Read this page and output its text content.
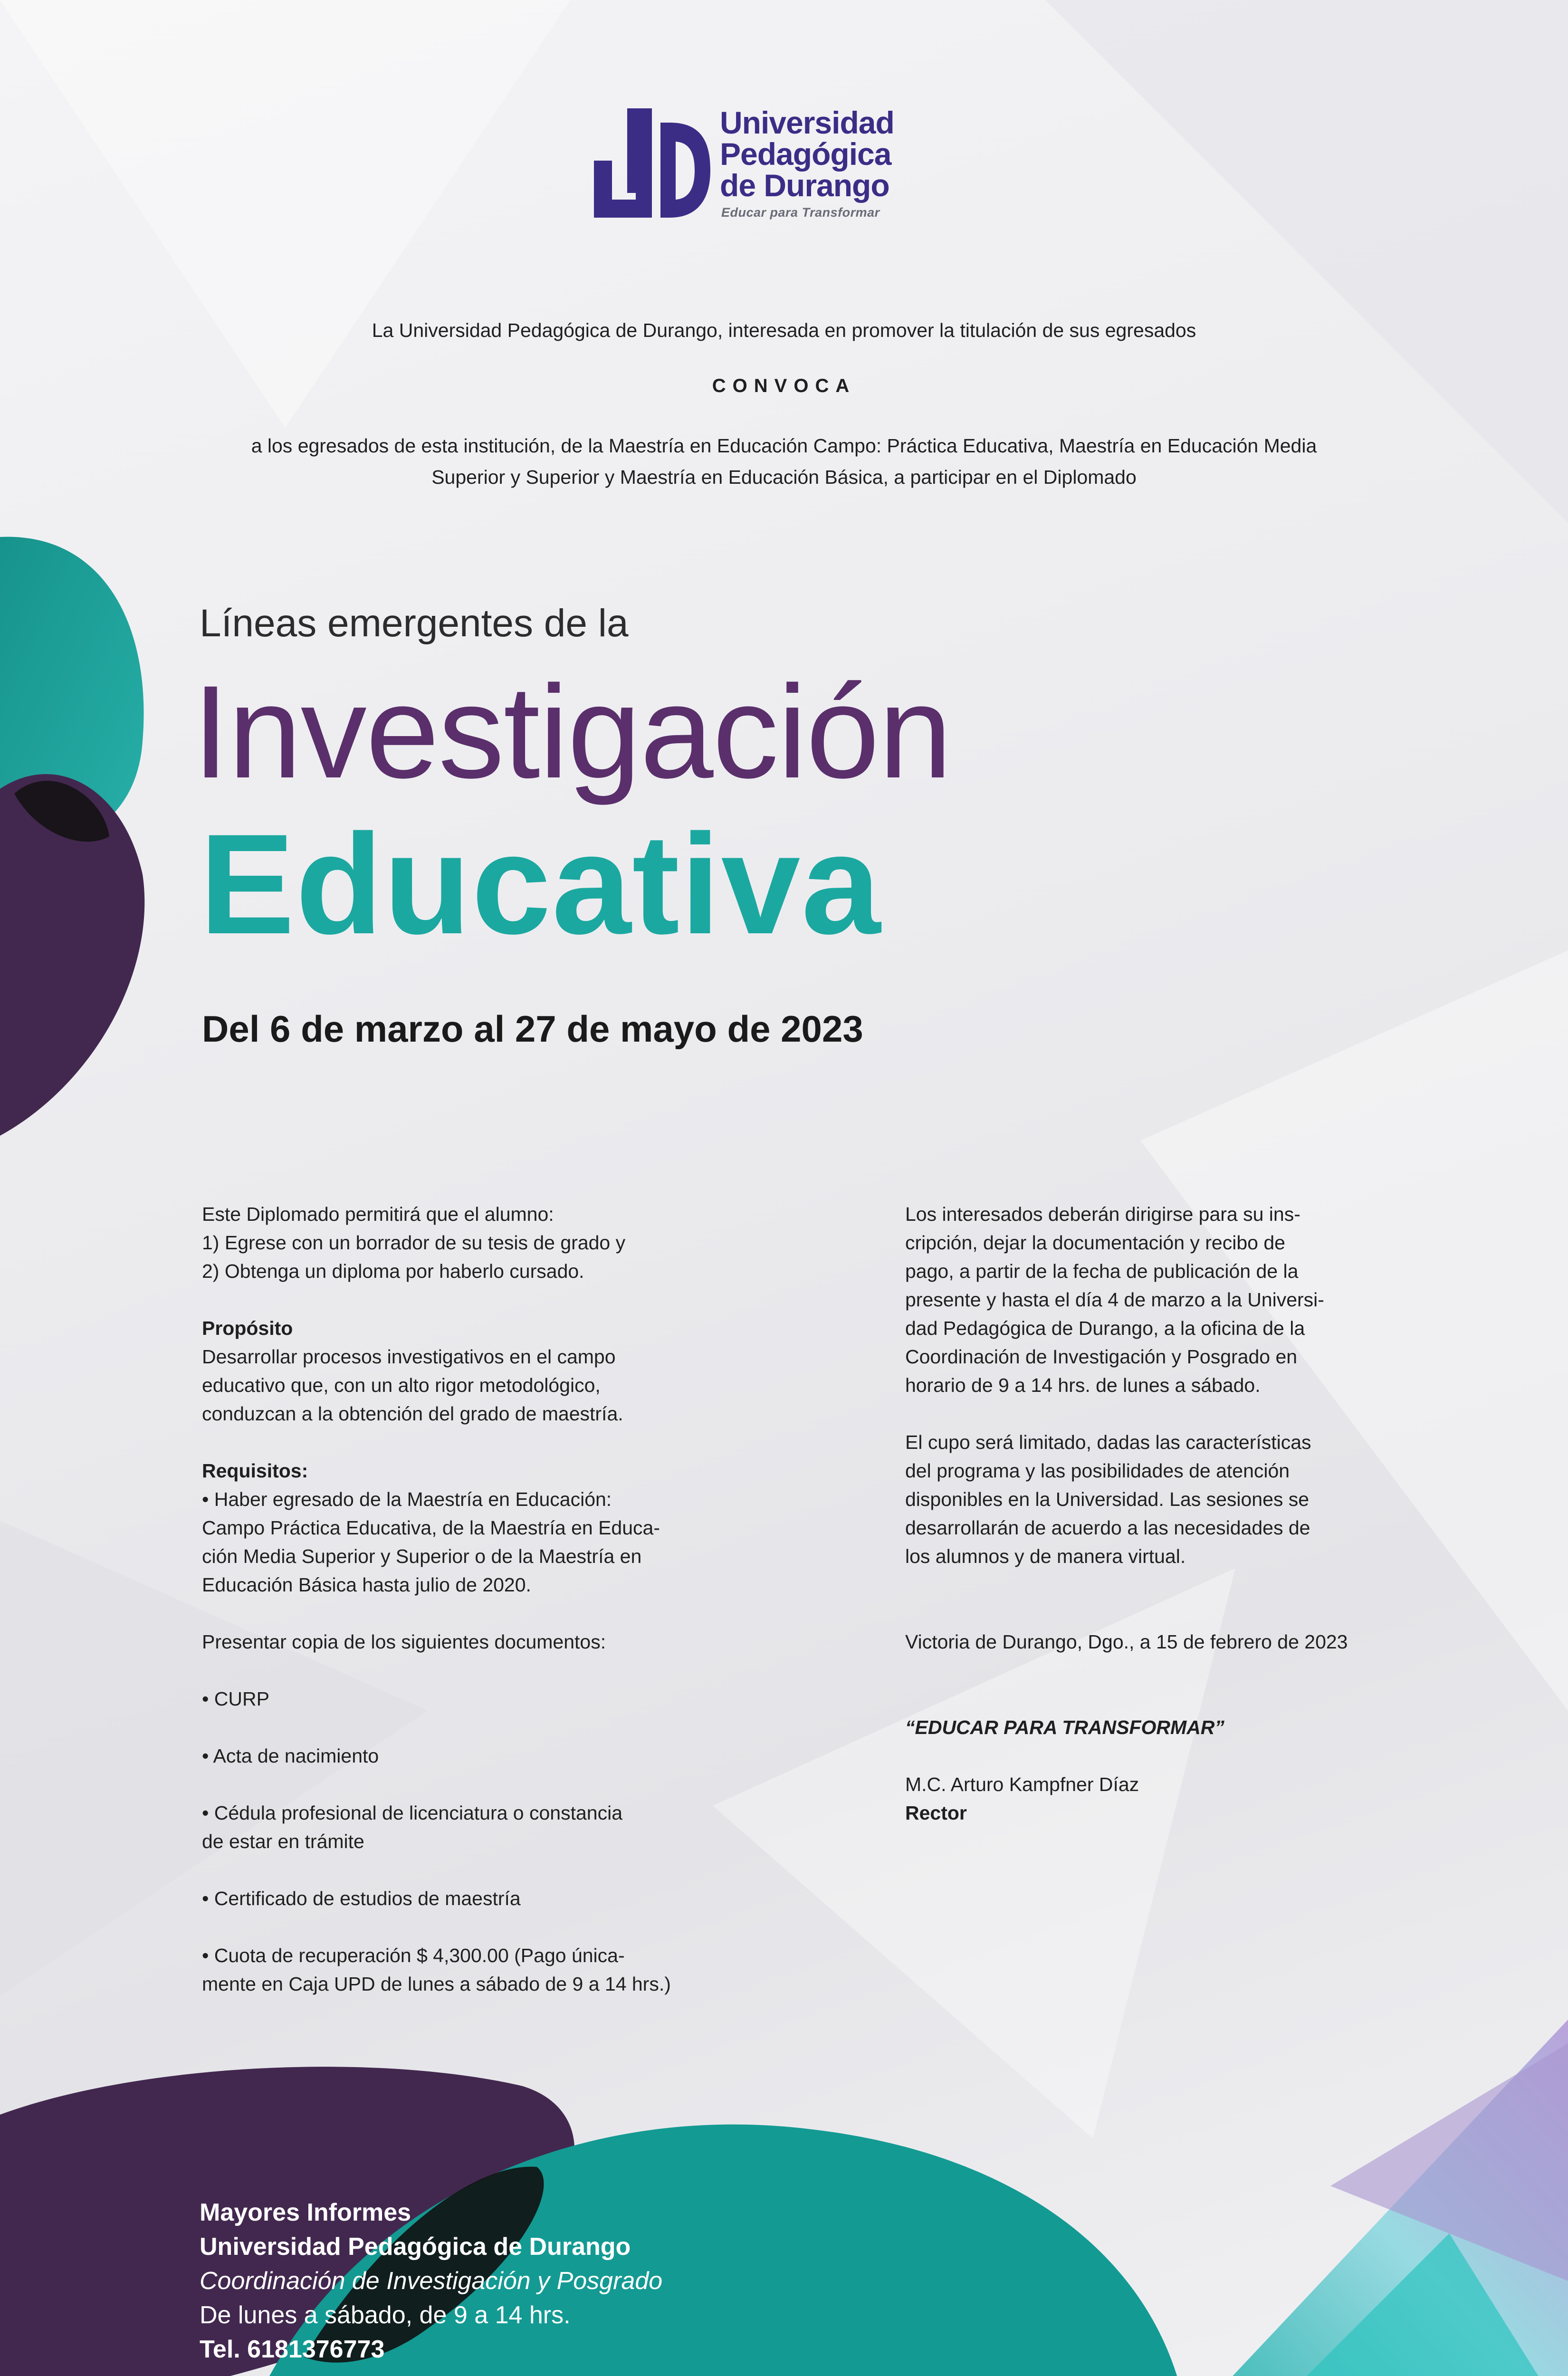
Universidad
Pedagógica
de Durango
Educar para Transformar
La Universidad Pedagógica de Durango, interesada en promover la titulación de sus egresados
CONVOCA
a los egresados de esta institución, de la Maestría en Educación Campo: Práctica Educativa, Maestría en Educación Media
Superior y Superior y Maestría en Educación Básica, a participar en el Diplomado
Líneas emergentes de la
Investigación
Educativa
Del 6 de marzo al 27 de mayo de 2023

Este Diplomado permitirá que el alumno:

1) Egrese con un borrador de su tesis de grado y

2) Obtenga un diploma por haberlo cursado.

Propósito

Desarrollar procesos investigativos en el campo

educativo que, con un alto rigor metodológico,

conduzcan a la obtención del grado de maestría.

Requisitos:

• Haber egresado de la Maestría en Educación:

Campo Práctica Educativa, de la Maestría en Educa-

ción Media Superior y Superior o de la Maestría en

Educación Básica hasta julio de 2020.

Presentar copia de los siguientes documentos:

• CURP

• Acta de nacimiento

• Cédula profesional de licenciatura o constancia

de estar en trámite

• Certificado de estudios de maestría

• Cuota de recuperación $ 4,300.00 (Pago única-

mente en Caja UPD de lunes a sábado de 9 a 14 hrs.)

Los interesados deberán dirigirse para su ins-

cripción, dejar la documentación y recibo de

pago, a partir de la fecha de publicación de la

presente y hasta el día 4 de marzo a la Universi-

dad Pedagógica de Durango, a la oficina de la

Coordinación de Investigación y Posgrado en

horario de 9 a 14 hrs. de lunes a sábado.

El cupo será limitado, dadas las características

del programa y las posibilidades de atención

disponibles en la Universidad. Las sesiones se

desarrollarán de acuerdo a las necesidades de

los alumnos y de manera virtual.

Victoria de Durango, Dgo., a 15 de febrero de 2023

“EDUCAR PARA TRANSFORMAR”

M.C. Arturo Kampfner Díaz

Rector

Mayores Informes
Universidad Pedagógica de Durango
Coordinación de Investigación y Posgrado
De lunes a sábado, de 9 a 14 hrs.
Tel. 6181376773
